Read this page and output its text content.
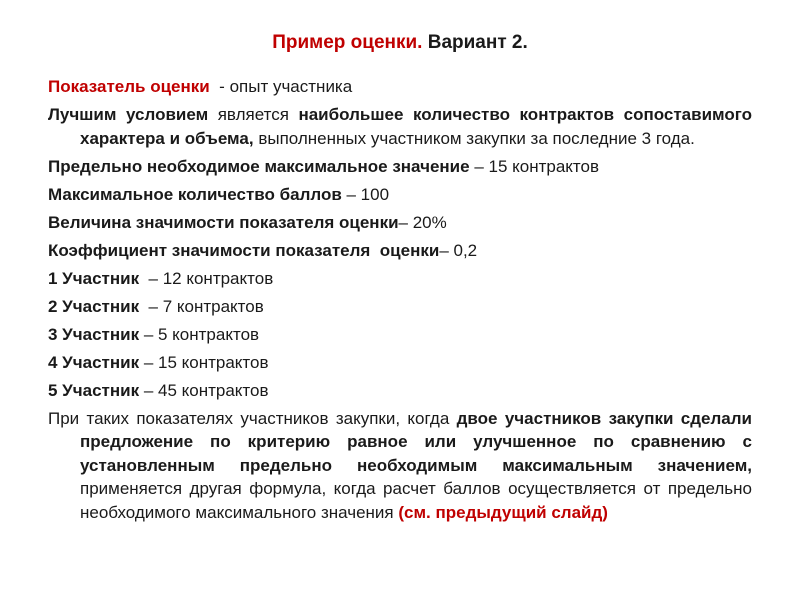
Пример оценки. Вариант 2.
Показатель оценки  - опыт участника
Лучшим условием является наибольшее количество контрактов сопоставимого характера и объема, выполненных участником закупки за последние 3 года.
Предельно необходимое максимальное значение – 15 контрактов
Максимальное количество баллов – 100
Величина значимости показателя оценки– 20%
Коэффициент значимости показателя  оценки– 0,2
1 Участник  – 12 контрактов
2 Участник  – 7 контрактов
3 Участник – 5 контрактов
4 Участник – 15 контрактов
5 Участник – 45 контрактов
При таких показателях участников закупки, когда двое участников закупки сделали предложение по критерию равное или улучшенное по сравнению с установленным предельно необходимым максимальным значением, применяется другая формула, когда расчет баллов осуществляется от предельно необходимого максимального значения (см. предыдущий слайд)
